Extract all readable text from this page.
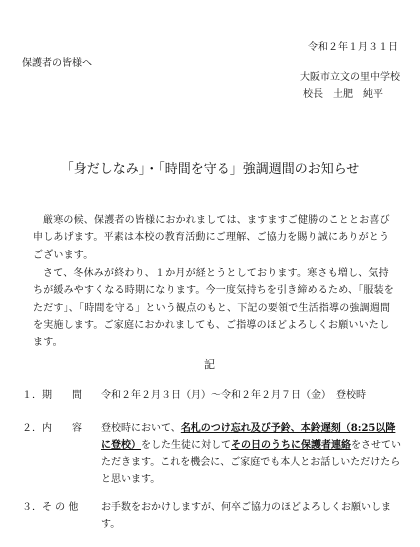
令和２年１月３１日
保護者の皆様へ
大阪市立文の里中学校
校長　土肥　純平
「身だしなみ」・「時間を守る」強調週間のお知らせ
厳寒の候、保護者の皆様におかれましては、ますますご健勝のこととお喜び申しあげます。平素は本校の教育活動にご理解、ご協力を賜り誠にありがとうございます。
さて、冬休みが終わり、１か月が経とうとしております。寒さも増し、気持ちが緩みやすくなる時期になります。今一度気持ちを引き締めるため、「服装をただす」、「時間を守る」という観点のもと、下記の要領で生活指導の強調週間を実施します。ご家庭におかれましても、ご指導のほどよろしくお願いいたします。
記
１．期　　間 令和２年２月３日（月）～令和２年２月７日（金）　登校時
２．内　　容 登校時において、名札のつけ忘れ及び予鈴、本鈴遅刻（8:25以降に登校）をした生徒に対してその日のうちに保護者連絡をさせていただきます。これを機会に、ご家庭でも本人とお話しいただけたらと思います。
３．そ の 他	お手数をおかけしますが、何卒ご協力のほどよろしくお願いします。
